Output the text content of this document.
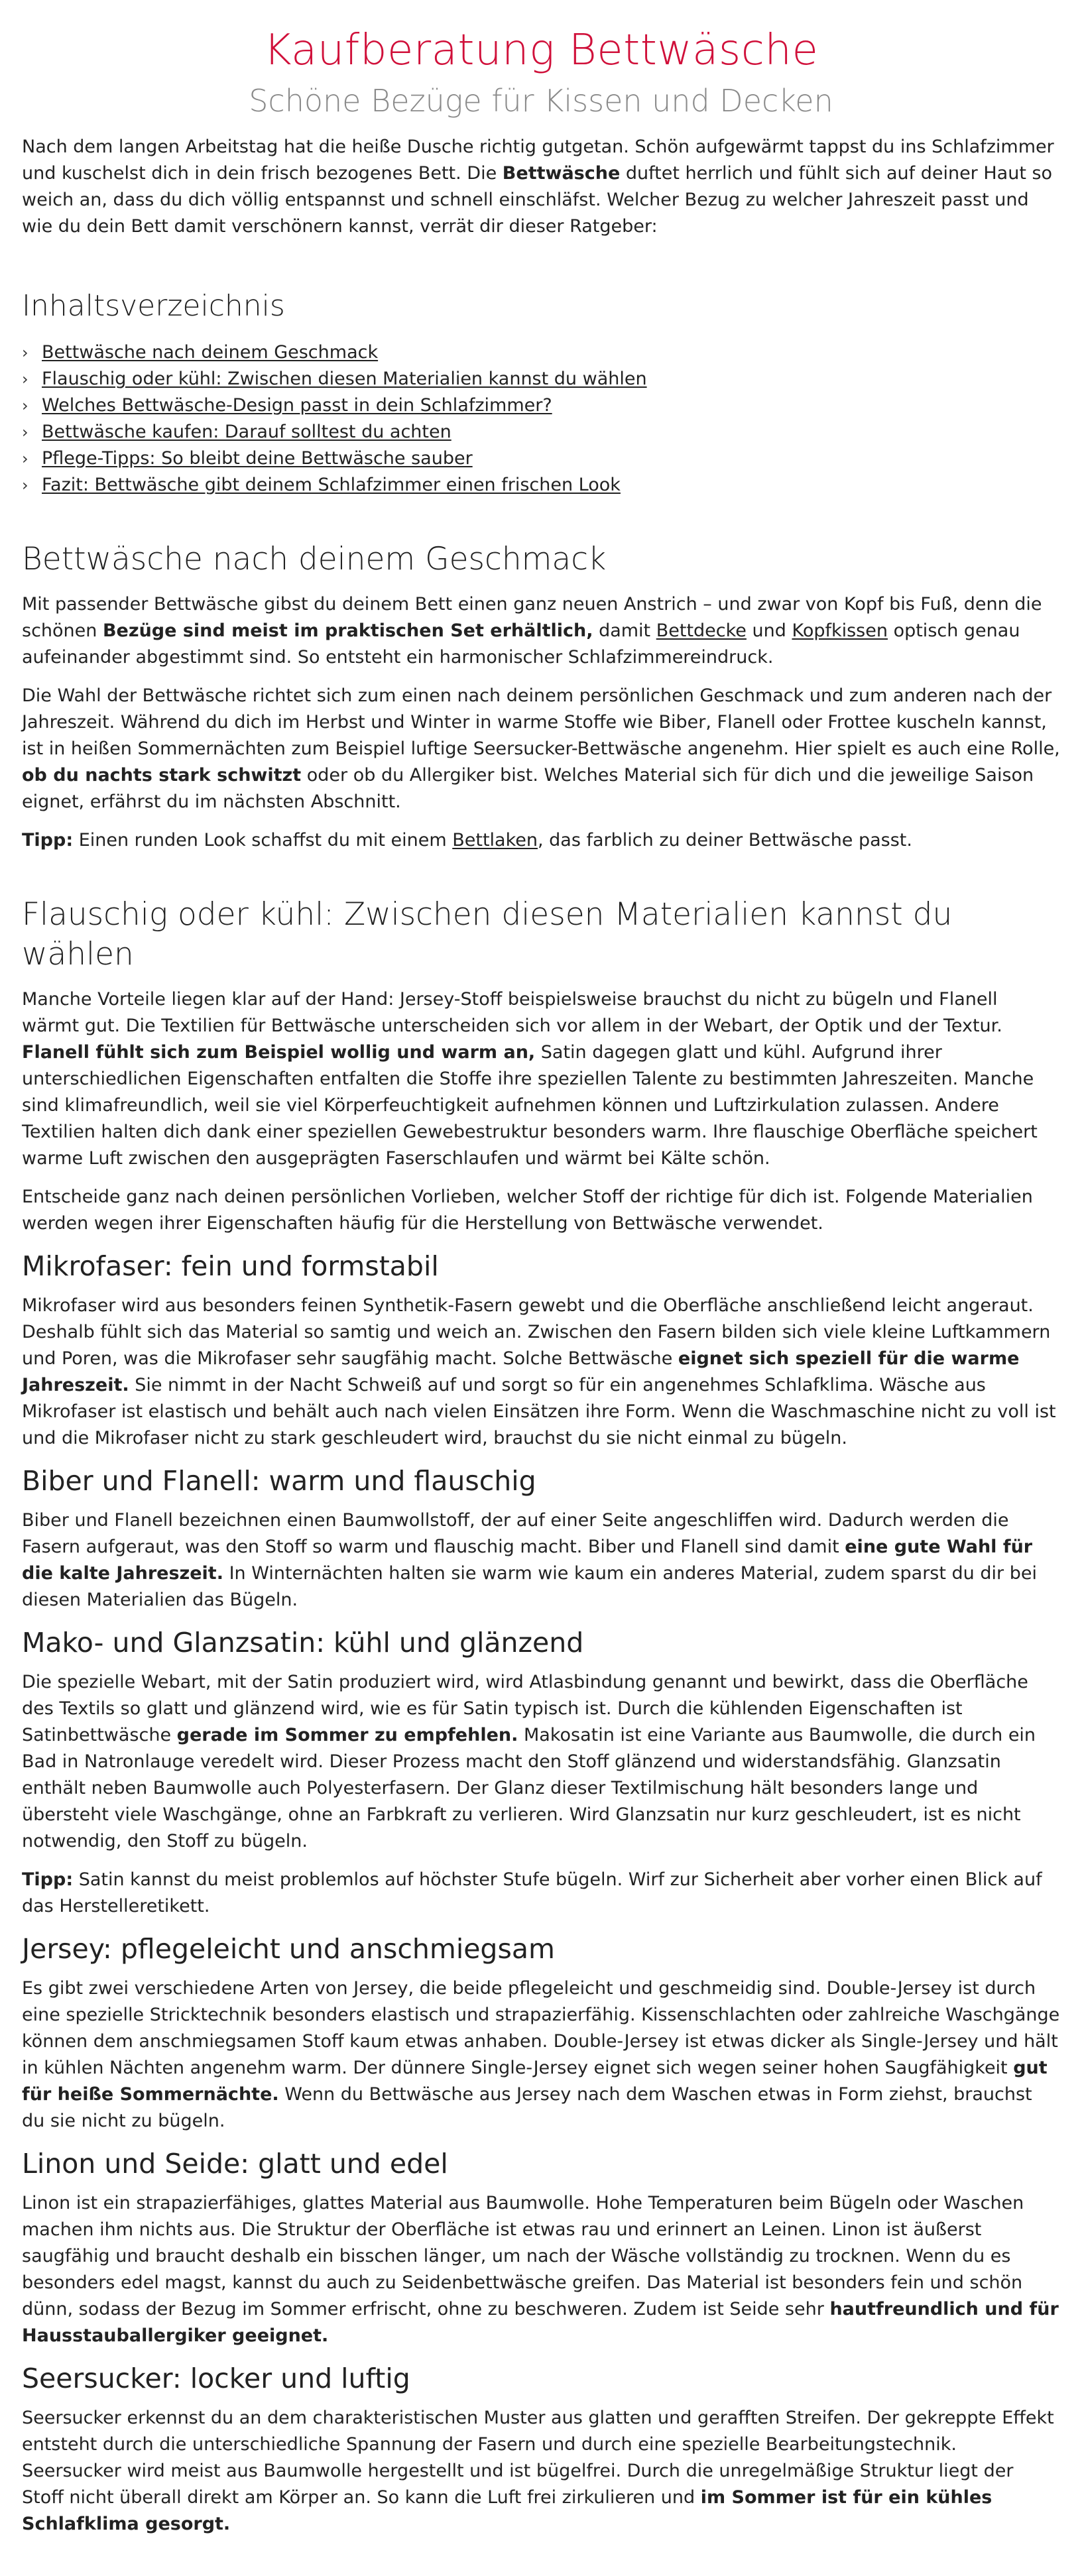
Kaufberatung Bettwäsche
Schöne Bezüge für Kissen und Decken

Nach dem langen Arbeitstag hat die heiße Dusche richtig gutgetan. Schön aufgewärmt tappst du ins Schlafzimmer und kuschelst dich in dein frisch bezogenes Bett. Die Bettwäsche duftet herrlich und fühlt sich auf deiner Haut so weich an, dass du dich völlig entspannst und schnell einschläfst. Welcher Bezug zu welcher Jahreszeit passt und wie du dein Bett damit verschönern kannst, verrät dir dieser Ratgeber:

Inhaltsverzeichnis
› Bettwäsche nach deinem Geschmack
› Flauschig oder kühl: Zwischen diesen Materialien kannst du wählen
› Welches Bettwäsche-Design passt in dein Schlafzimmer?
› Bettwäsche kaufen: Darauf solltest du achten
› Pflege-Tipps: So bleibt deine Bettwäsche sauber
› Fazit: Bettwäsche gibt deinem Schlafzimmer einen frischen Look
Bettwäsche nach deinem Geschmack

Mit passender Bettwäsche gibst du deinem Bett einen ganz neuen Anstrich – und zwar von Kopf bis Fuß, denn die schönen Bezüge sind meist im praktischen Set erhältlich, damit Bettdecke und Kopfkissen optisch genau aufeinander abgestimmt sind. So entsteht ein harmonischer Schlafzimmereindruck.

Die Wahl der Bettwäsche richtet sich zum einen nach deinem persönlichen Geschmack und zum anderen nach der Jahreszeit. Während du dich im Herbst und Winter in warme Stoffe wie Biber, Flanell oder Frottee kuscheln kannst, ist in heißen Sommernächten zum Beispiel luftige Seersucker-Bettwäsche angenehm. Hier spielt es auch eine Rolle, ob du nachts stark schwitzt oder ob du Allergiker bist. Welches Material sich für dich und die jeweilige Saison eignet, erfährst du im nächsten Abschnitt.

Tipp: Einen runden Look schaffst du mit einem Bettlaken, das farblich zu deiner Bettwäsche passt.

Flauschig oder kühl: Zwischen diesen Materialien kannst du wählen

Manche Vorteile liegen klar auf der Hand: Jersey-Stoff beispielsweise brauchst du nicht zu bügeln und Flanell wärmt gut. Die Textilien für Bettwäsche unterscheiden sich vor allem in der Webart, der Optik und der Textur. Flanell fühlt sich zum Beispiel wollig und warm an, Satin dagegen glatt und kühl. Aufgrund ihrer unterschiedlichen Eigenschaften entfalten die Stoffe ihre speziellen Talente zu bestimmten Jahreszeiten. Manche sind klimafreundlich, weil sie viel Körperfeuchtigkeit aufnehmen können und Luftzirkulation zulassen. Andere Textilien halten dich dank einer speziellen Gewebestruktur besonders warm. Ihre flauschige Oberfläche speichert warme Luft zwischen den ausgeprägten Faserschlaufen und wärmt bei Kälte schön.

Entscheide ganz nach deinen persönlichen Vorlieben, welcher Stoff der richtige für dich ist. Folgende Materialien werden wegen ihrer Eigenschaften häufig für die Herstellung von Bettwäsche verwendet.

Mikrofaser: fein und formstabil

Mikrofaser wird aus besonders feinen Synthetik-Fasern gewebt und die Oberfläche anschließend leicht angeraut. Deshalb fühlt sich das Material so samtig und weich an. Zwischen den Fasern bilden sich viele kleine Luftkammern und Poren, was die Mikrofaser sehr saugfähig macht. Solche Bettwäsche eignet sich speziell für die warme Jahreszeit. Sie nimmt in der Nacht Schweiß auf und sorgt so für ein angenehmes Schlafklima. Wäsche aus Mikrofaser ist elastisch und behält auch nach vielen Einsätzen ihre Form. Wenn die Waschmaschine nicht zu voll ist und die Mikrofaser nicht zu stark geschleudert wird, brauchst du sie nicht einmal zu bügeln.

Biber und Flanell: warm und flauschig

Biber und Flanell bezeichnen einen Baumwollstoff, der auf einer Seite angeschliffen wird. Dadurch werden die Fasern aufgeraut, was den Stoff so warm und flauschig macht. Biber und Flanell sind damit eine gute Wahl für die kalte Jahreszeit. In Winternächten halten sie warm wie kaum ein anderes Material, zudem sparst du dir bei diesen Materialien das Bügeln.

Mako- und Glanzsatin: kühl und glänzend

Die spezielle Webart, mit der Satin produziert wird, wird Atlasbindung genannt und bewirkt, dass die Oberfläche des Textils so glatt und glänzend wird, wie es für Satin typisch ist. Durch die kühlenden Eigenschaften ist Satinbettwäsche gerade im Sommer zu empfehlen. Makosatin ist eine Variante aus Baumwolle, die durch ein Bad in Natronlauge veredelt wird. Dieser Prozess macht den Stoff glänzend und widerstandsfähig. Glanzsatin enthält neben Baumwolle auch Polyesterfasern. Der Glanz dieser Textilmischung hält besonders lange und übersteht viele Waschgänge, ohne an Farbkraft zu verlieren. Wird Glanzsatin nur kurz geschleudert, ist es nicht notwendig, den Stoff zu bügeln.

Tipp: Satin kannst du meist problemlos auf höchster Stufe bügeln. Wirf zur Sicherheit aber vorher einen Blick auf das Herstelleretikett.

Jersey: pflegeleicht und anschmiegsam

Es gibt zwei verschiedene Arten von Jersey, die beide pflegeleicht und geschmeidig sind. Double-Jersey ist durch eine spezielle Stricktechnik besonders elastisch und strapazierfähig. Kissenschlachten oder zahlreiche Waschgänge können dem anschmiegsamen Stoff kaum etwas anhaben. Double-Jersey ist etwas dicker als Single-Jersey und hält in kühlen Nächten angenehm warm. Der dünnere Single-Jersey eignet sich wegen seiner hohen Saugfähigkeit gut für heiße Sommernächte. Wenn du Bettwäsche aus Jersey nach dem Waschen etwas in Form ziehst, brauchst du sie nicht zu bügeln.

Linon und Seide: glatt und edel

Linon ist ein strapazierfähiges, glattes Material aus Baumwolle. Hohe Temperaturen beim Bügeln oder Waschen machen ihm nichts aus. Die Struktur der Oberfläche ist etwas rau und erinnert an Leinen. Linon ist äußerst saugfähig und braucht deshalb ein bisschen länger, um nach der Wäsche vollständig zu trocknen. Wenn du es besonders edel magst, kannst du auch zu Seidenbettwäsche greifen. Das Material ist besonders fein und schön dünn, sodass der Bezug im Sommer erfrischt, ohne zu beschweren. Zudem ist Seide sehr hautfreundlich und für Hausstauballergiker geeignet.

Seersucker: locker und luftig

Seersucker erkennst du an dem charakteristischen Muster aus glatten und gerafften Streifen. Der gekreppte Effekt entsteht durch die unterschiedliche Spannung der Fasern und durch eine spezielle Bearbeitungstechnik. Seersucker wird meist aus Baumwolle hergestellt und ist bügelfrei. Durch die unregelmäßige Struktur liegt der Stoff nicht überall direkt am Körper an. So kann die Luft frei zirkulieren und im Sommer ist für ein kühles Schlafklima gesorgt.
